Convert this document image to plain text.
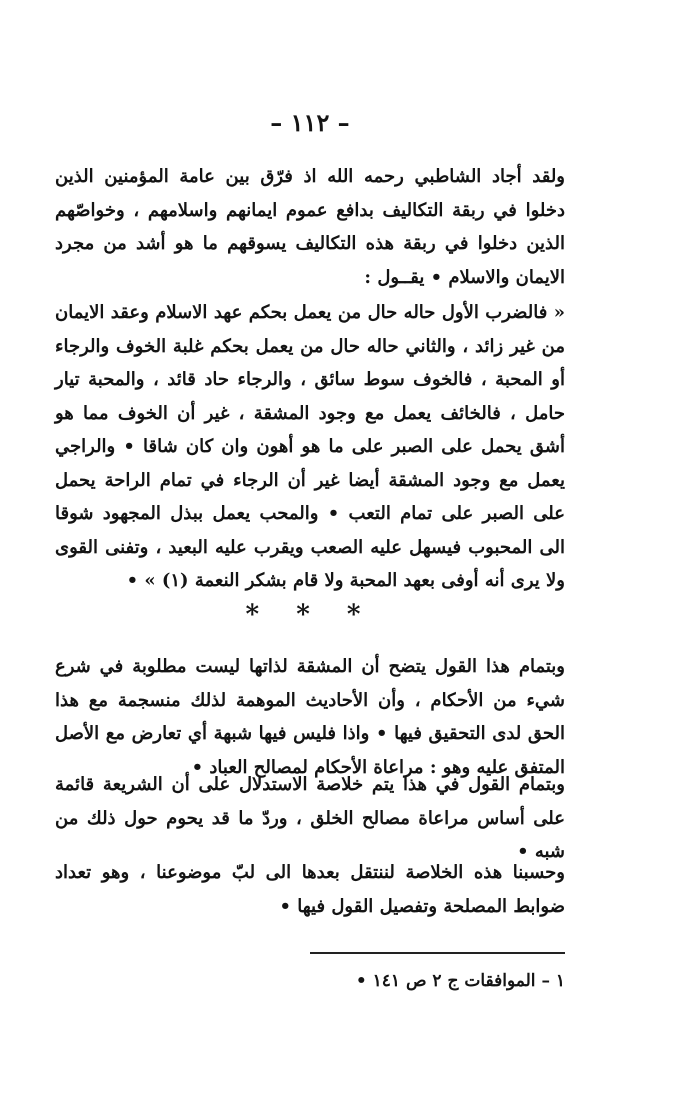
– ١١٢ –

ولقد أجاد الشاطبي رحمه الله اذ فرّق بين عامة المؤمنين الذين دخلوا في ربقة التكاليف بدافع عموم ايمانهم واسلامهم ، وخواصّهم الذين دخلوا في ربقة هذه التكاليف يسوقهم ما هو أشد من مجرد الايمان والاسلام • يقــول :

« فالضرب الأول حاله حال من يعمل بحكم عهد الاسلام وعقد الايمان من غير زائد ، والثاني حاله حال من يعمل بحكم غلبة الخوف والرجاء أو المحبة ، فالخوف سوط سائق ، والرجاء حاد قائد ، والمحبة تيار حامل ، فالخائف يعمل مع وجود المشقة ، غير أن الخوف مما هو أشق يحمل على الصبر على ما هو أهون وان كان شاقا • والراجي يعمل مع وجود المشقة أيضا غير أن الرجاء في تمام الراحة يحمل على الصبر على تمام التعب • والمحب يعمل ببذل المجهود شوقا الى المحبوب فيسهل عليه الصعب ويقرب عليه البعيد ، وتفنى القوى ولا يرى أنه أوفى بعهد المحبة ولا قام بشكر النعمة (١) » •

* * *

وبتمام هذا القول يتضح أن المشقة لذاتها ليست مطلوبة في شرع شيء من الأحكام ، وأن الأحاديث الموهمة لذلك منسجمة مع هذا الحق لدى التحقيق فيها • واذا فليس فيها شبهة أي تعارض مع الأصل المتفق عليه وهو : مراعاة الأحكام لمصالح العباد •

وبتمام القول في هذا يتم خلاصة الاستدلال على أن الشريعة قائمة على أساس مراعاة مصالح الخلق ، وردّ ما قد يحوم حول ذلك من شبه •

وحسبنا هذه الخلاصة لننتقل بعدها الى لبّ موضوعنا ، وهو تعداد ضوابط المصلحة وتفصيل القول فيها •

١ – الموافقات ج ٢ ص ١٤١ •
